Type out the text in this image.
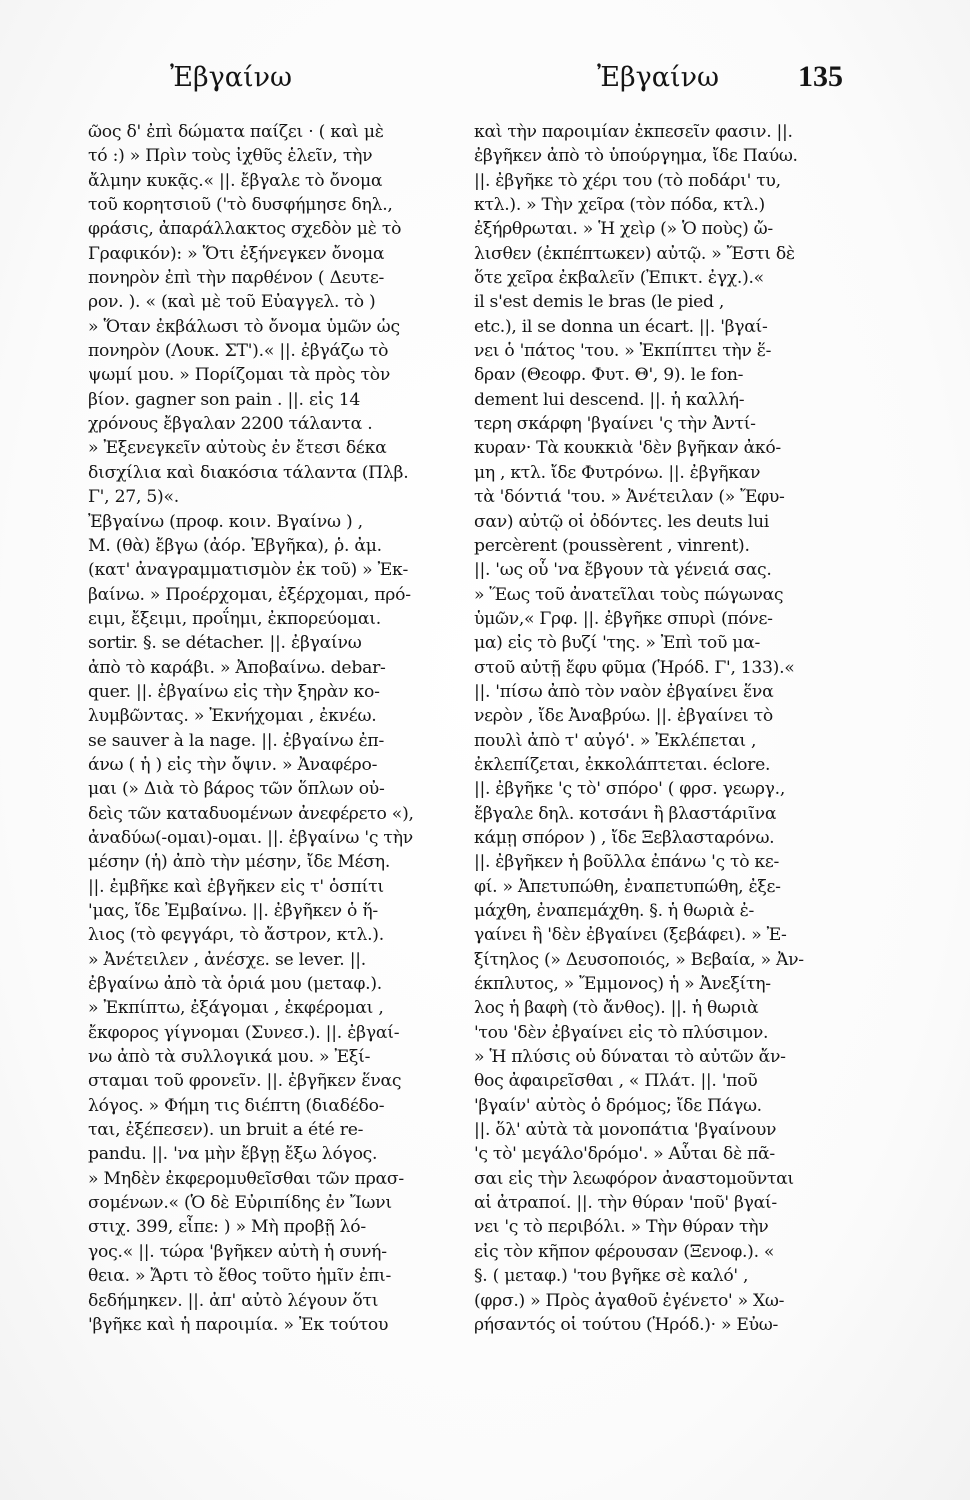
Ἐβγαίνω	Ἐβγαίνω	135
ῶος δ' ἐπὶ δώματα παίζει · ( καὶ μὲ
τό :) » Πρὶν τοὺς ἰχθῦς ἑλεῖν, τὴν
ἄλμην κυκᾷς.« ||. ἔβγαλε τὸ ὄνομα
τοῦ κορητσιοῦ ('τὸ δυσφήμησε δηλ.,
φράσις, ἀπαράλλακτος σχεδὸν μὲ τὸ
Γραφικόν): » Ὅτι ἐξήνεγκεν ὄνομα
πονηρὸν ἐπὶ τὴν παρθένον ( Δευτε-
ρον. ). « (καὶ μὲ τοῦ Εὐαγγελ. τὸ )
» Ὅταν ἐκβάλωσι τὸ ὄνομα ὑμῶν ὡς
πονηρὸν (Λουκ. ΣΤ').« ||. ἐβγάζω τὸ
ψωμί μου. » Πορίζομαι τὰ πρὸς τὸν
βίον. gagner son pain . ||. εἰς 14
χρόνους ἔβγαλαν 2200 τάλαντα .
» Ἐξενεγκεῖν αὐτοὺς ἐν ἔτεσι δέκα
δισχίλια καὶ διακόσια τάλαντα (Πλβ.
Γ', 27, 5)«.
Ἐβγαίνω (προφ. κοιν. Βγαίνω ) ,
Μ. (θὰ) ἔβγω (ἀόρ. Ἐβγῆκα), ῥ. ἀμ.
(κατ' ἀναγραμματισμὸν ἐκ τοῦ) » Ἐκ-
βαίνω. » Προέρχομαι, ἐξέρχομαι, πρό-
ειμι, ἔξειμι, προΐημι, ἐκπορεύομαι.
sortir. §. se détacher. ||. ἐβγαίνω
ἀπὸ τὸ καράβι. » Ἀποβαίνω. debar-
quer. ||. ἐβγαίνω εἰς τὴν ξηρὰν κο-
λυμβῶντας. » Ἐκνήχομαι , ἐκνέω.
se sauver à la nage. ||. ἐβγαίνω ἐπ-
άνω ( ἡ ) εἰς τὴν ὄψιν. » Ἀναφέρο-
μαι (» Διὰ τὸ βάρος τῶν ὅπλων οὐ-
δεὶς τῶν καταδυομένων ἀνεφέρετο «),
ἀναδύω(-ομαι)-ομαι. ||. ἐβγαίνω 'ς τὴν
μέσην (ἡ) ἀπὸ τὴν μέσην, ἴδε Μέση.
||. ἐμβῆκε καὶ ἐβγῆκεν εἰς τ' ὁσπίτι
'μας, ἴδε Ἐμβαίνω. ||. ἐβγῆκεν ὁ ἥ-
λιος (τὸ φεγγάρι, τὸ ἄστρον, κτλ.).
» Ἀνέτειλεν , ἀνέσχε. se lever. ||.
ἐβγαίνω ἀπὸ τὰ ὁριά μου (μεταφ.).
» Ἐκπίπτω, ἐξάγομαι , ἐκφέρομαι ,
ἔκφορος γίγνομαι (Συνεσ.). ||. ἐβγαί-
νω ἀπὸ τὰ συλλογικά μου. » Ἐξί-
σταμαι τοῦ φρονεῖν. ||. ἐβγῆκεν ἕνας
λόγος. » Φήμη τις διέπτη (διαδέδο-
ται, ἐξέπεσεν). un bruit a été re-
pandu. ||. 'να μὴν ἔβγῃ ἔξω λόγος.
» Μηδὲν ἐκφερομυθεῖσθαι τῶν πρασ-
σομένων.« (Ὁ δὲ Εὐριπίδης ἐν Ἴωνι
στιχ. 399, εἶπε: ) » Μὴ προβῇ λό-
γος.« ||. τώρα 'βγῆκεν αὐτὴ ἡ συνή-
θεια. » Ἄρτι τὸ ἔθος τοῦτο ἡμῖν ἐπι-
δεδήμηκεν. ||. ἀπ' αὐτὸ λέγουν ὅτι
'βγῆκε καὶ ἡ παροιμία. » Ἐκ τούτου
καὶ τὴν παροιμίαν ἐκπεσεῖν φασιν. ||.
ἐβγῆκεν ἀπὸ τὸ ὑπούργημα, ἴδε Παύω.
||. ἐβγῆκε τὸ χέρι του (τὸ ποδάρι' τυ,
κτλ.). » Τὴν χεῖρα (τὸν πόδα, κτλ.)
ἐξήρθρωται. » Ἡ χεὶρ (» Ὁ ποὺς) ὤ-
λισθεν (ἐκπέπτωκεν) αὐτῷ. » Ἔστι δὲ
ὅτε χεῖρα ἐκβαλεῖν (Ἐπικτ. ἐγχ.).«
il s'est demis le bras (le pied ,
etc.), il se donna un écart. ||. 'βγαί-
νει ὁ 'πάτος 'του. » Ἐκπίπτει τὴν ἕ-
δραν (Θεοφρ. Φυτ. Θ', 9). le fon-
dement lui descend. ||. ἡ καλλή-
τερη σκάρφη 'βγαίνει 'ς τὴν Ἀντί-
κυραν· Τὰ κουκκιὰ 'δὲν βγῆκαν ἀκό-
μη , κτλ. ἴδε Φυτρόνω. ||. ἐβγῆκαν
τὰ 'δόντιά 'του. » Ἀνέτειλαν (» Ἔφυ-
σαν) αὐτῷ οἱ ὀδόντες. les deuts lui
percèrent (poussèrent , vinrent).
||. 'ως οὗ 'να ἔβγουν τὰ γένειά σας.
» Ἕως τοῦ ἀνατεῖλαι τοὺς πώγωνας
ὑμῶν,« Γρφ. ||. ἐβγῆκε σπυρὶ (πόνε-
μα) εἰς τὸ βυζί 'της. » Ἐπὶ τοῦ μα-
στοῦ αὐτῇ ἔφυ φῦμα (Ἡρόδ. Γ', 133).«
||. 'πίσω ἀπὸ τὸν ναὸν ἐβγαίνει ἕνα
νερὸν , ἴδε Ἀναβρύω. ||. ἐβγαίνει τὸ
πουλὶ ἀπὸ τ' αὐγό'. » Ἐκλέπεται ,
ἐκλεπίζεται, ἐκκολάπτεται. éclore.
||. ἐβγῆκε 'ς τὸ' σπόρο' ( φρσ. γεωργ.,
ἔβγαλε δηλ. κοτσάνι ἢ βλαστάριῖνα
κάμῃ σπόρον ) , ἴδε Ξεβλασταρόνω.
||. ἐβγῆκεν ἡ βοῦλλα ἐπάνω 'ς τὸ κε-
φί. » Ἀπετυπώθη, ἐναπετυπώθη, ἐξε-
μάχθη, ἐναπεμάχθη. §. ἡ θωριὰ ἐ-
γαίνει ἢ 'δὲν ἐβγαίνει (ξεβάφει). » Ἐ-
ξίτηλος (» Δευσοποιός, » Βεβαία, » Ἀν-
έκπλυτος, » Ἔμμονος) ἡ » Ἀνεξίτη-
λος ἡ βαφὴ (τὸ ἄνθος). ||. ἡ θωριὰ
'του 'δὲν ἐβγαίνει εἰς τὸ πλύσιμον.
» Ἡ πλύσις οὐ δύναται τὸ αὐτῶν ἄν-
θος ἀφαιρεῖσθαι , « Πλάτ. ||. 'ποῦ
'βγαίν' αὐτὸς ὁ δρόμος; ἴδε Πάγω.
||. ὅλ' αὐτὰ τὰ μονοπάτια 'βγαίνουν
'ς τὸ' μεγάλο'δρόμο'. » Αὗται δὲ πᾶ-
σαι εἰς τὴν λεωφόρον ἀναστομοῦνται
αἱ ἀτραποί. ||. τὴν θύραν 'ποῦ' βγαί-
νει 'ς τὸ περιβόλι. » Τὴν θύραν τὴν
εἰς τὸν κῆπον φέρουσαν (Ξενοφ.). «
§. ( μεταφ.) 'του βγῆκε σὲ καλό' ,
(φρσ.) » Πρὸς ἀγαθοῦ ἐγένετο' » Χω-
ρήσαντός οἱ τούτου (Ἡρόδ.)· » Εὐω-
